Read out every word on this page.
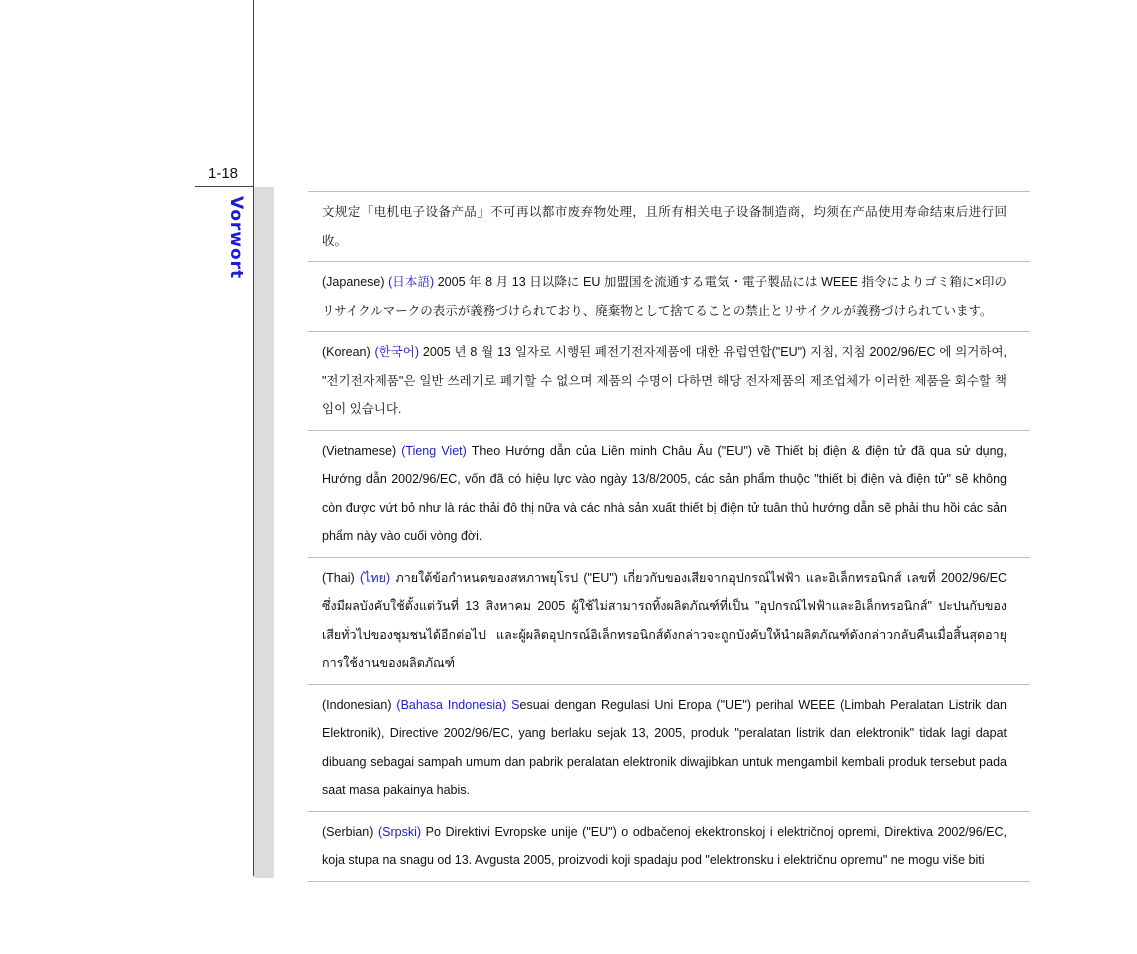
1-18
Vorwort	文规定「电机电子设备产品」不可再以都市废弃物处理，且所有相关电子设备制造商，均须在产品使用寿命结束后进行回收。

(Japanese) (日本語) 2005 年 8 月 13 日以降に EU 加盟国を流通する電気・電子製品には WEEE 指令によりゴミ箱に×印のリサイクルマークの表示が義務づけられており、廃棄物として捨てることの禁止とリサイクルが義務づけられています。

(Korean) (한국어) 2005 년 8 월 13 일자로 시행된 폐전기전자제품에 대한 유럽연합("EU") 지침, 지침 2002/96/EC 에 의거하여, "전기전자제품"은 일반 쓰레기로 폐기할 수 없으며 제품의 수명이 다하면 해당 전자제품의 제조업체가 이러한 제품을 회수할 책임이 있습니다.

(Vietnamese) (Tieng Viet) Theo Hướng dẫn của Liên minh Châu Âu ("EU") về Thiết bị điện & điện tử đã qua sử dụng, Hướng dẫn 2002/96/EC, vốn đã có hiệu lực vào ngày 13/8/2005, các sản phẩm thuộc "thiết bị điện và điện tử" sẽ không còn được vứt bỏ như là rác thải đô thị nữa và các nhà sản xuất thiết bị điện tử tuân thủ hướng dẫn sẽ phải thu hồi các sản phẩm này vào cuối vòng đời.

(Thai) (ไทย) ภายใต้ข้อกำหนดของสหภาพยุโรป ("EU") เกี่ยวกับของเสียจากอุปกรณ์ไฟฟ้า และอิเล็กทรอนิกส์ เลขที่ 2002/96/EC ซึ่งมีผลบังคับใช้ตั้งแต่วันที่ 13 สิงหาคม 2005 ผู้ใช้ไม่สามารถทิ้งผลิตภัณฑ์ที่เป็น "อุปกรณ์ไฟฟ้าและอิเล็กทรอนิกส์" ปะปนกับของเสียทั่วไปของชุมชนได้อีกต่อไป และผู้ผลิตอุปกรณ์อิเล็กทรอนิกส์ดังกล่าวจะถูกบังคับให้นำผลิตภัณฑ์ดังกล่าวกลับคืนเมื่อสิ้นสุดอายุการใช้งานของผลิตภัณฑ์

(Indonesian) (Bahasa Indonesia) Sesuai dengan Regulasi Uni Eropa ("UE") perihal WEEE (Limbah Peralatan Listrik dan Elektronik), Directive 2002/96/EC, yang berlaku sejak 13, 2005, produk "peralatan listrik dan elektronik" tidak lagi dapat dibuang sebagai sampah umum dan pabrik peralatan elektronik diwajibkan untuk mengambil kembali produk tersebut pada saat masa pakainya habis.

(Serbian) (Srpski) Po Direktivi Evropske unije ("EU") o odbačenoj ekektronskoj i električnoj opremi, Direktiva 2002/96/EC, koja stupa na snagu od 13. Avgusta 2005, proizvodi koji spadaju pod "elektronsku i električnu opremu" ne mogu više biti
